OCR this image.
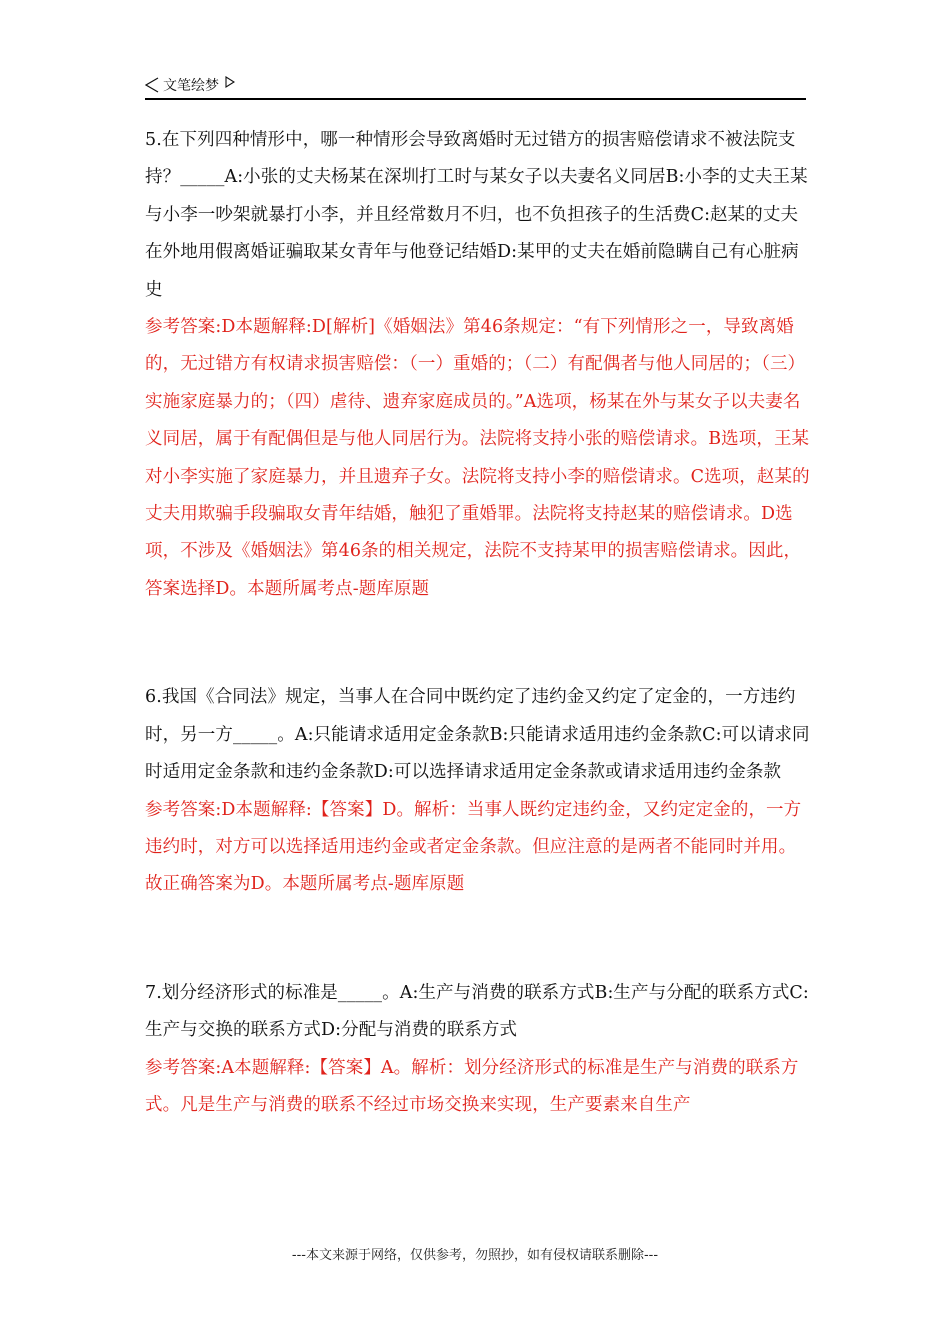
文笔绘梦

5.在下列四种情形中，哪一种情形会导致离婚时无过错方的损害赔偿请求不被法院支持？_____A:小张的丈夫杨某在深圳打工时与某女子以夫妻名义同居B:小李的丈夫王某与小李一吵架就暴打小李，并且经常数月不归，也不负担孩子的生活费C:赵某的丈夫在外地用假离婚证骗取某女青年与他登记结婚D:某甲的丈夫在婚前隐瞒自己有心脏病史

参考答案:D本题解释:D[解析]《婚姻法》第46条规定：“有下列情形之一，导致离婚的，无过错方有权请求损害赔偿：（一）重婚的；（二）有配偶者与他人同居的；（三）实施家庭暴力的；（四）虐待、遗弃家庭成员的。”A选项，杨某在外与某女子以夫妻名义同居，属于有配偶但是与他人同居行为。法院将支持小张的赔偿请求。B选项，王某对小李实施了家庭暴力，并且遗弃子女。法院将支持小李的赔偿请求。C选项，赵某的丈夫用欺骗手段骗取女青年结婚，触犯了重婚罪。法院将支持赵某的赔偿请求。D选项，不涉及《婚姻法》第46条的相关规定，法院不支持某甲的损害赔偿请求。因此，答案选择D。本题所属考点-题库原题

6.我国《合同法》规定，当事人在合同中既约定了违约金又约定了定金的，一方违约时，另一方_____。A:只能请求适用定金条款B:只能请求适用违约金条款C:可以请求同时适用定金条款和违约金条款D:可以选择请求适用定金条款或请求适用违约金条款

参考答案:D本题解释:【答案】D。解析：当事人既约定违约金，又约定定金的，一方违约时，对方可以选择适用违约金或者定金条款。但应注意的是两者不能同时并用。故正确答案为D。本题所属考点-题库原题

7.划分经济形式的标准是_____。A:生产与消费的联系方式B:生产与分配的联系方式C:生产与交换的联系方式D:分配与消费的联系方式

参考答案:A本题解释:【答案】A。解析：划分经济形式的标准是生产与消费的联系方式。凡是生产与消费的联系不经过市场交换来实现，生产要素来自生产

---本文来源于网络，仅供参考，勿照抄，如有侵权请联系删除---
